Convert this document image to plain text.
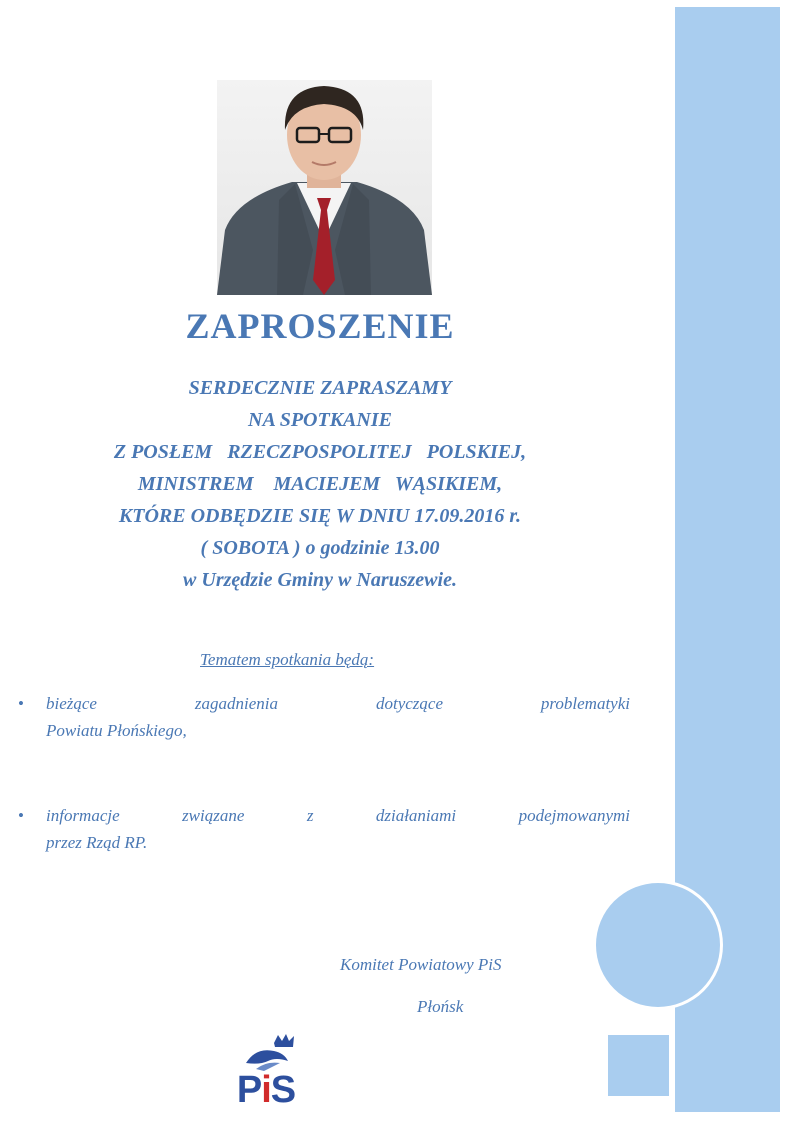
ZAPROSZENIE
SERDECZNIE ZAPRASZAMY
NA SPOTKANIE
Z POSŁEM   RZECZPOSPOLITEJ   POLSKIEJ,
MINISTREM    MACIEJEM   WĄSIKIEM,
KTÓRE ODBĘDZIE SIĘ W DNIU 17.09.2016 r.
( SOBOTA ) o godzinie 13.00
w Urzędzie Gminy w Naruszewie.
Tematem spotkania będą:
• bieżące zagadnienia dotyczące problematyki
Powiatu Płońskiego,
• informacje związane z działaniami podejmowanymi
przez Rząd RP.
Komitet Powiatowy PiS
Płońsk
PiS
